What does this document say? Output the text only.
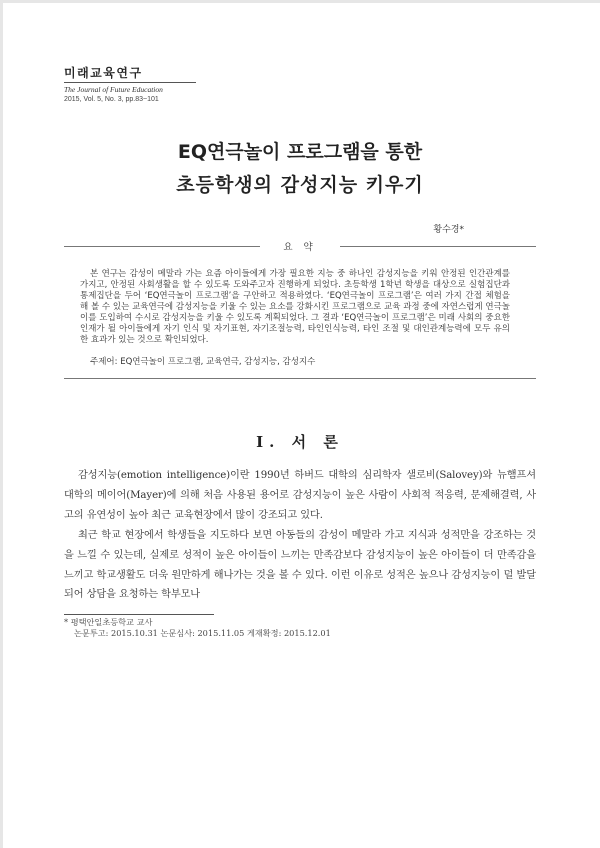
미래교육연구
The Journal of Future Education
2015, Vol. 5, No. 3, pp.83~101
EQ연극놀이 프로그램을 통한
초등학생의 감성지능 키우기
황수경*
요 약

본 연구는 감성이 메말라 가는 요즘 아이들에게 가장 필요한 지능 중 하나인 감성지능을 키워 안정된 인간관계를 가지고, 안정된 사회생활을 할 수 있도록 도와주고자 진행하게 되었다. 초등학생 1학년 학생을 대상으로 실험집단과 통제집단을 두어 ‘EQ연극놀이 프로그램’을 구안하고 적용하였다. ‘EQ연극놀이 프로그램’은 여러 가지 간접 체험을 해 볼 수 있는 교육연극에 감성지능을 키울 수 있는 요소를 강화시킨 프로그램으로 교육 과정 중에 자연스럽게 연극놀이를 도입하여 수시로 감성지능을 키울 수 있도록 계획되었다. 그 결과 ‘EQ연극놀이 프로그램’은 미래 사회의 중요한 인재가 될 아이들에게 자기 인식 및 자기표현, 자기조절능력, 타인인식능력, 타인 조절 및 대인관계능력에 모두 유의한 효과가 있는 것으로 확인되었다.

주제어: EQ연극놀이 프로그램, 교육연극, 감성지능, 감성지수
Ⅰ. 서 론

감성지능(emotion intelligence)이란 1990년 하버드 대학의 심리학자 샐로비(Salovey)와 뉴햄프셔 대학의 메이어(Mayer)에 의해 처음 사용된 용어로 감성지능이 높은 사람이 사회적 적응력, 문제해결력, 사고의 유연성이 높아 최근 교육현장에서 많이 강조되고 있다.

최근 학교 현장에서 학생들을 지도하다 보면 아동들의 감성이 메말라 가고 지식과 성적만을 강조하는 것을 느낄 수 있는데, 실제로 성적이 높은 아이들이 느끼는 만족감보다 감성지능이 높은 아이들이 더 만족감을 느끼고 학교생활도 더욱 원만하게 해나가는 것을 볼 수 있다. 이런 이유로 성적은 높으나 감성지능이 덜 발달되어 상담을 요청하는 학부모나

* 평택안일초등학교 교사
논문투고: 2015.10.31 논문심사: 2015.11.05 게재확정: 2015.12.01
